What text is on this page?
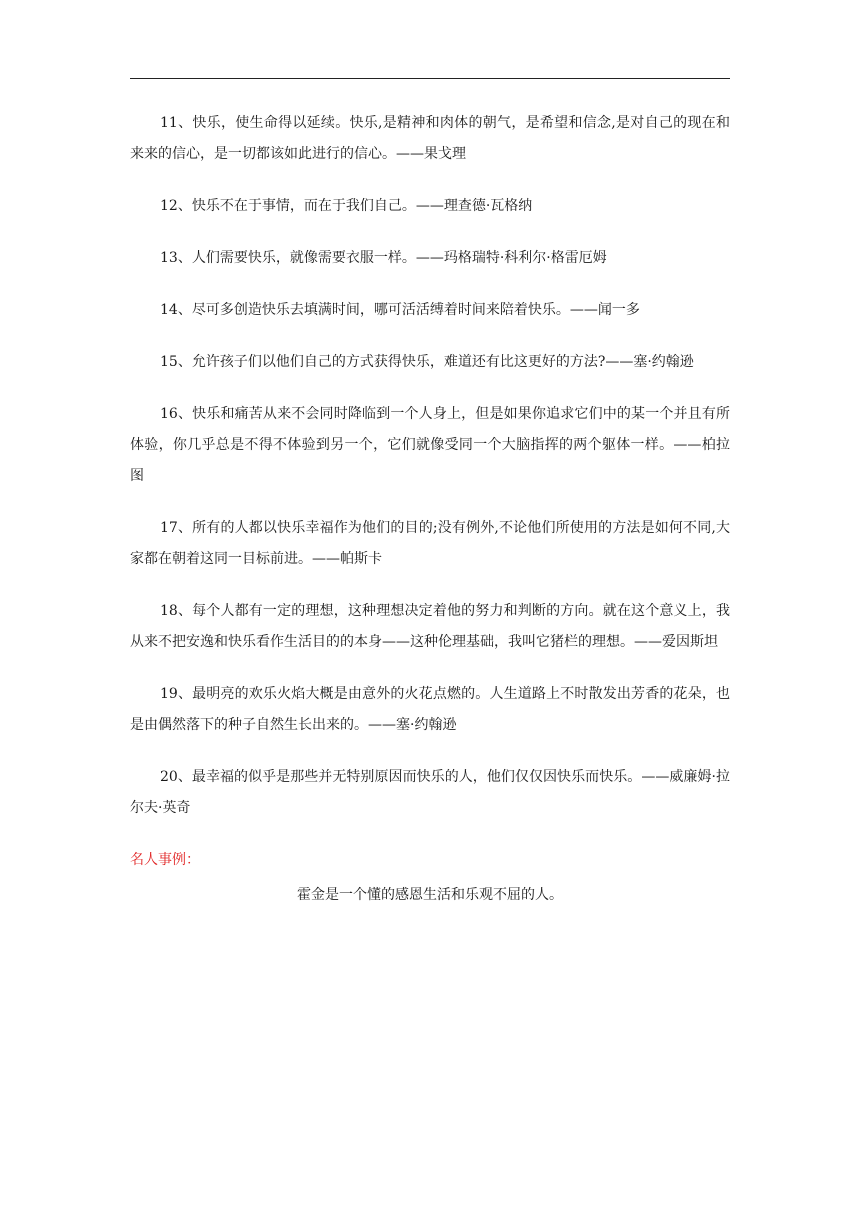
11、快乐，使生命得以延续。快乐,是精神和肉体的朝气，是希望和信念,是对自己的现在和来来的信心，是一切都该如此进行的信心。——果戈理

12、快乐不在于事情，而在于我们自己。——理查德·瓦格纳

13、人们需要快乐，就像需要衣服一样。——玛格瑞特·科利尔·格雷厄姆

14、尽可多创造快乐去填满时间，哪可活活缚着时间来陪着快乐。——闻一多

15、允许孩子们以他们自己的方式获得快乐，难道还有比这更好的方法?——塞·约翰逊

16、快乐和痛苦从来不会同时降临到一个人身上，但是如果你追求它们中的某一个并且有所体验，你几乎总是不得不体验到另一个，它们就像受同一个大脑指挥的两个躯体一样。——柏拉图

17、所有的人都以快乐幸福作为他们的目的;没有例外,不论他们所使用的方法是如何不同,大家都在朝着这同一目标前进。——帕斯卡

18、每个人都有一定的理想，这种理想决定着他的努力和判断的方向。就在这个意义上，我从来不把安逸和快乐看作生活目的的本身——这种伦理基础，我叫它猪栏的理想。——爱因斯坦

19、最明亮的欢乐火焰大概是由意外的火花点燃的。人生道路上不时散发出芳香的花朵，也是由偶然落下的种子自然生长出来的。——塞·约翰逊

20、最幸福的似乎是那些并无特别原因而快乐的人，他们仅仅因快乐而快乐。——威廉姆·拉尔夫·英奇

名人事例：

霍金是一个懂的感恩生活和乐观不屈的人。
